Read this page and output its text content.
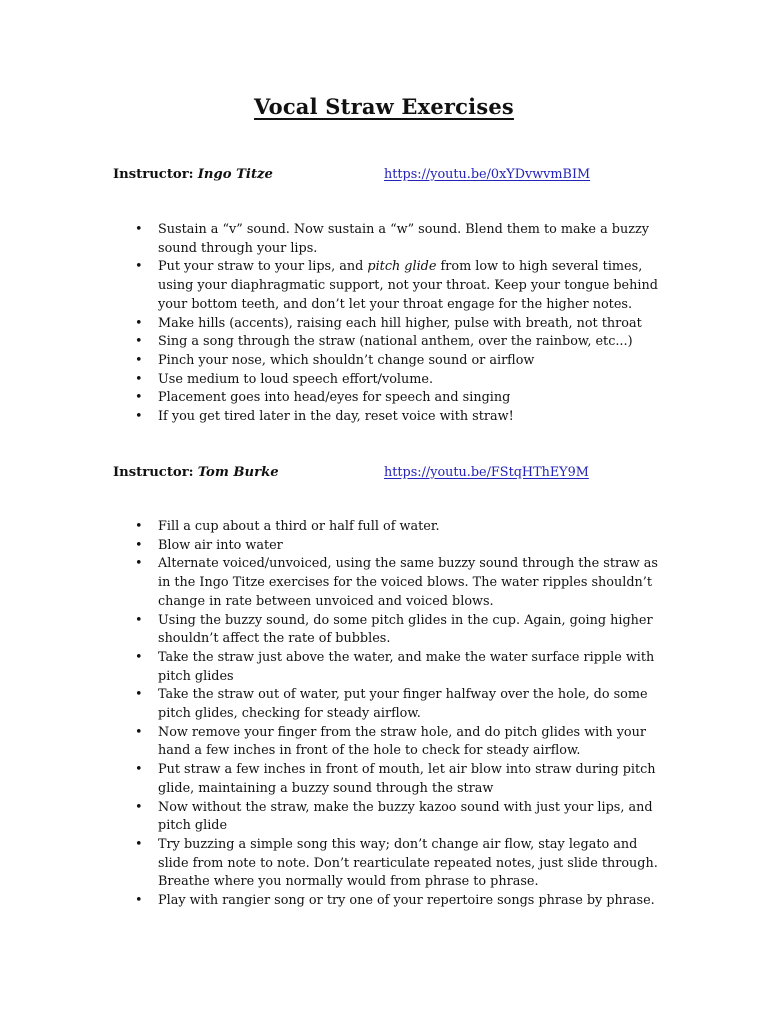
Vocal Straw Exercises
Instructor: Ingo Titze	https://youtu.be/0xYDvwvmBIM
• Sustain a “v” sound. Now sustain a “w” sound. Blend them to make a buzzy sound through your lips.
• Put your straw to your lips, and pitch glide from low to high several times, using your diaphragmatic support, not your throat. Keep your tongue behind your bottom teeth, and don’t let your throat engage for the higher notes.
• Make hills (accents), raising each hill higher, pulse with breath, not throat
• Sing a song through the straw (national anthem, over the rainbow, etc...)
• Pinch your nose, which shouldn’t change sound or airflow
• Use medium to loud speech effort/volume.
• Placement goes into head/eyes for speech and singing
• If you get tired later in the day, reset voice with straw!
Instructor: Tom Burke	https://youtu.be/FStqHThEY9M
• Fill a cup about a third or half full of water.
• Blow air into water
• Alternate voiced/unvoiced, using the same buzzy sound through the straw as in the Ingo Titze exercises for the voiced blows. The water ripples shouldn’t change in rate between unvoiced and voiced blows.
• Using the buzzy sound, do some pitch glides in the cup. Again, going higher shouldn’t affect the rate of bubbles.
• Take the straw just above the water, and make the water surface ripple with pitch glides
• Take the straw out of water, put your finger halfway over the hole, do some pitch glides, checking for steady airflow.
• Now remove your finger from the straw hole, and do pitch glides with your hand a few inches in front of the hole to check for steady airflow.
• Put straw a few inches in front of mouth, let air blow into straw during pitch glide, maintaining a buzzy sound through the straw
• Now without the straw, make the buzzy kazoo sound with just your lips, and pitch glide
• Try buzzing a simple song this way; don’t change air flow, stay legato and slide from note to note. Don’t rearticulate repeated notes, just slide through. Breathe where you normally would from phrase to phrase.
• Play with rangier song or try one of your repertoire songs phrase by phrase.
